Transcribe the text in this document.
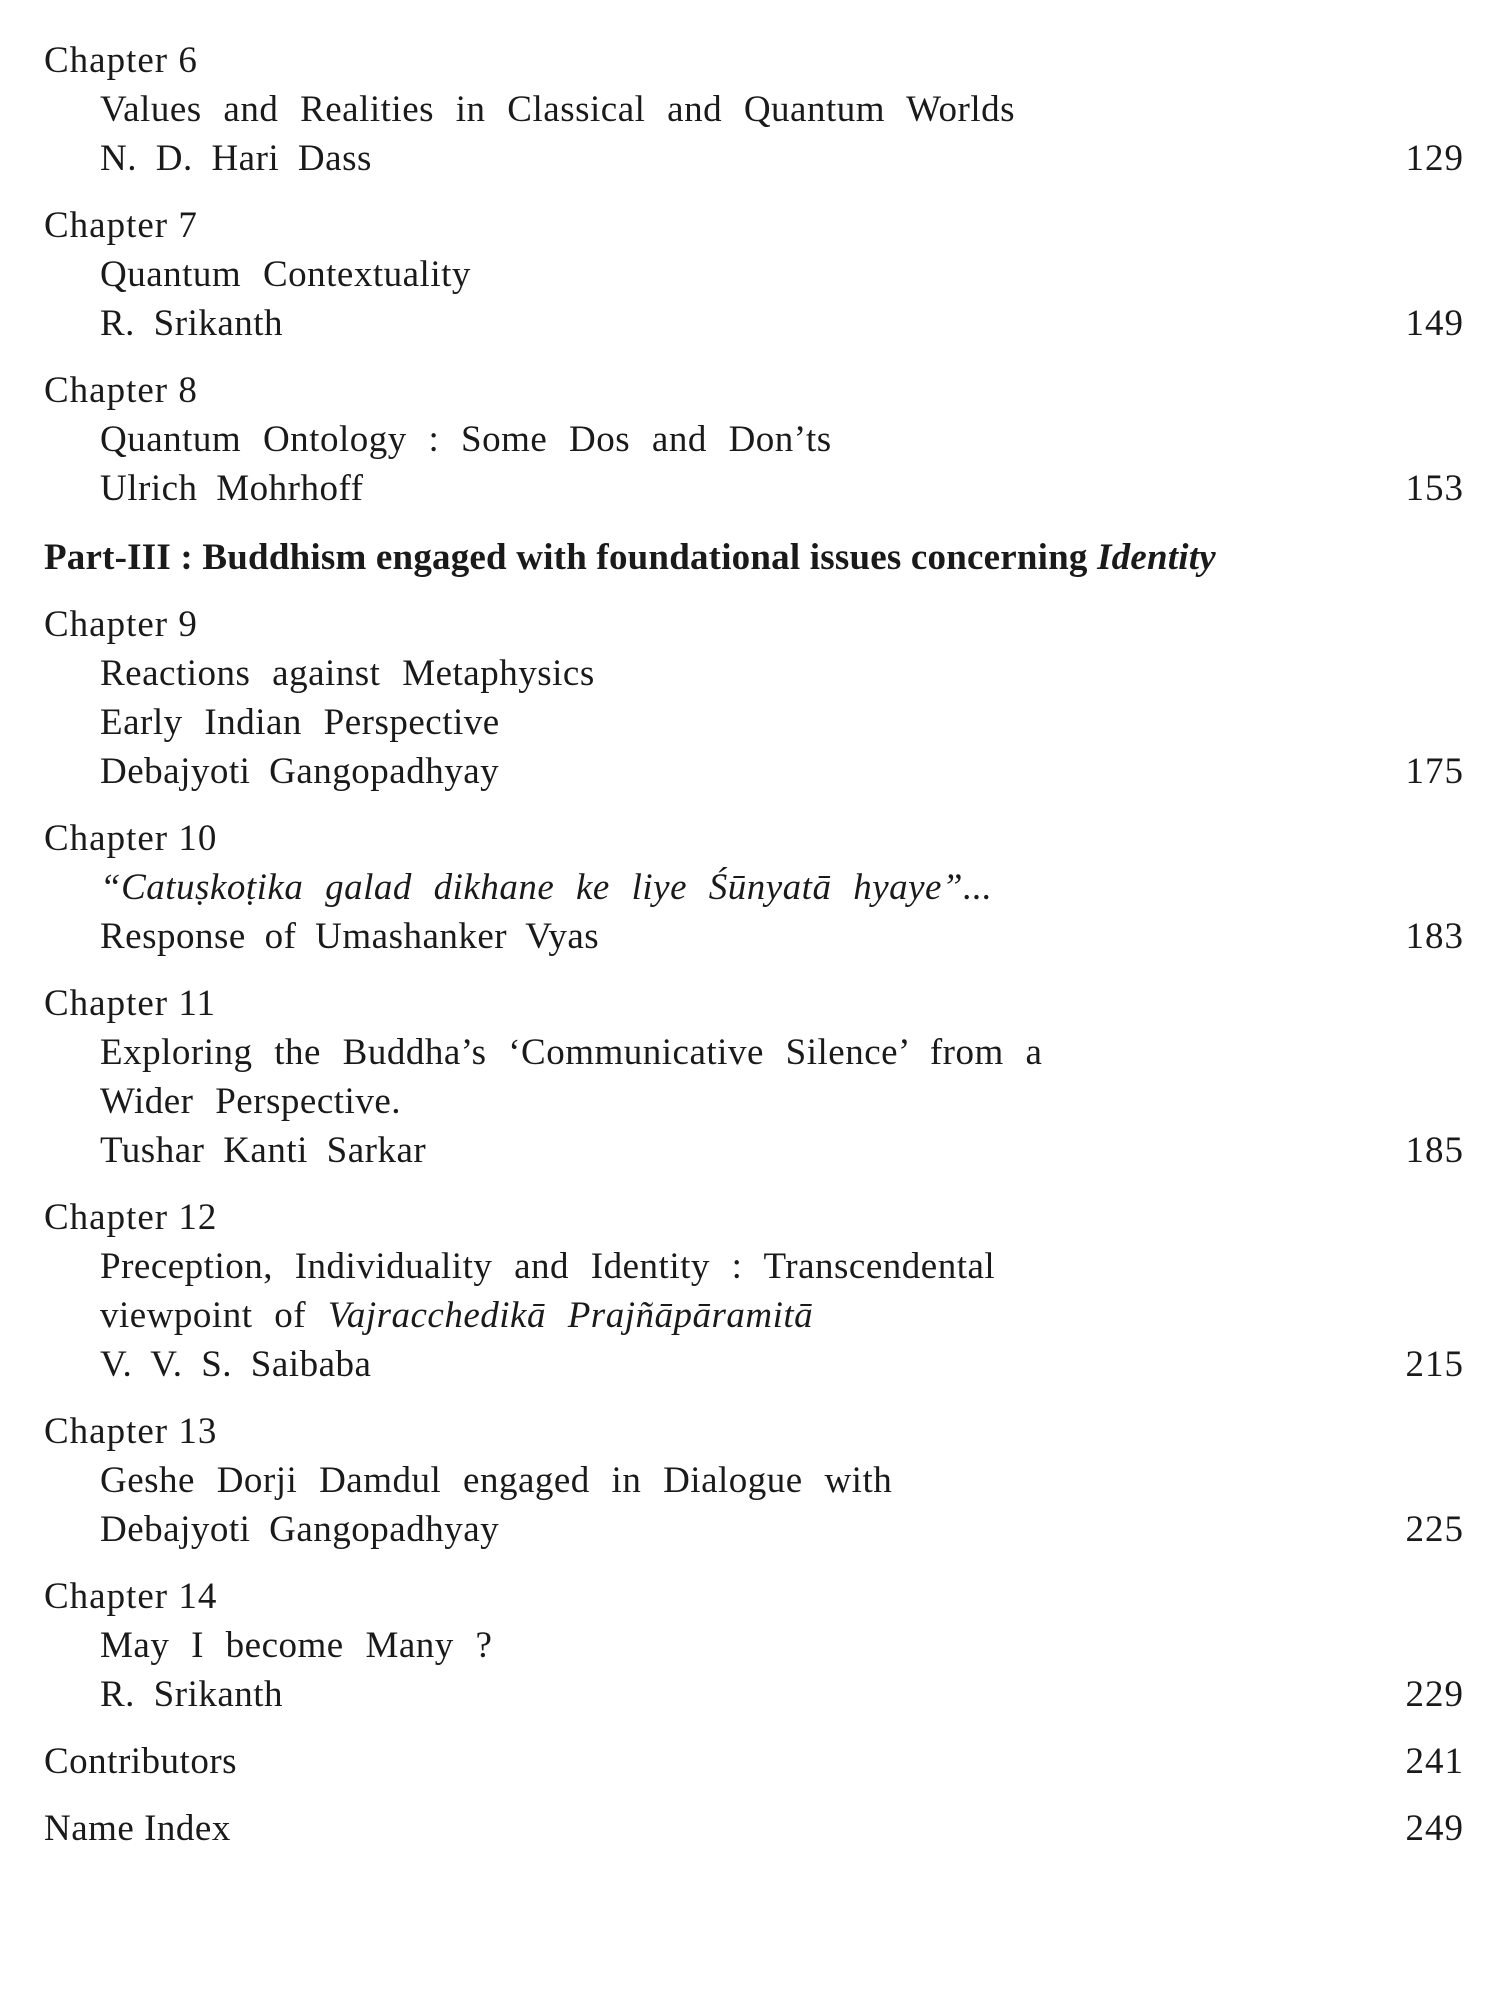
Chapter 6
Values and Realities in Classical and Quantum Worlds
N. D. Hari Dass	129
Chapter 7
Quantum Contextuality
R. Srikanth	149
Chapter 8
Quantum Ontology : Some Dos and Don’ts
Ulrich Mohrhoff	153
Part-III : Buddhism engaged with foundational issues concerning Identity
Chapter 9
Reactions against Metaphysics
Early Indian Perspective
Debajyoti Gangopadhyay	175
Chapter 10
“Catuṣkoṭika galad dikhane ke liye Śūnyatā hyaye”...
Response of Umashanker Vyas	183
Chapter 11
Exploring the Buddha’s ‘Communicative Silence’ from a
Wider Perspective.
Tushar Kanti Sarkar	185
Chapter 12
Preception, Individuality and Identity : Transcendental
viewpoint of Vajracchedikā Prajñāpāramitā
V. V. S. Saibaba	215
Chapter 13
Geshe Dorji Damdul engaged in Dialogue with
Debajyoti Gangopadhyay	225
Chapter 14
May I become Many ?
R. Srikanth	229
Contributors	241
Name Index	249
